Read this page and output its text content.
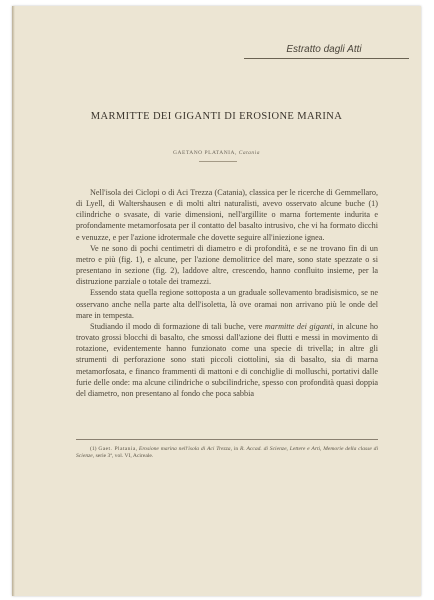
Estratto dagli Atti
MARMITTE DEI GIGANTI DI EROSIONE MARINA
GAETANO PLATANIA, Catania

Nell'isola dei Ciclopi o di Aci Trezza (Catania), classica per le ricerche di Gemmellaro, di Lyell, di Waltershausen e di molti altri naturalisti, avevo osservato alcune buche (1) cilindriche o svasate, di varie dimensioni, nell'argillite o marna fortemente indurita e profondamente metamorfosata per il contatto del basalto intrusivo, che vi ha formato dicchi e venuzze, e per l'azione idrotermale che dovette seguire all'iniezione ignea.

Ve ne sono di pochi centimetri di diametro e di profondità, e se ne trovano fin di un metro e più (fig. 1), e alcune, per l'azione demolitrice del mare, sono state spezzate o si presentano in sezione (fig. 2), laddove altre, crescendo, hanno confluito insieme, per la distruzione parziale o totale dei tramezzi.

Essendo stata quella regione sottoposta a un graduale sollevamento bradisismico, se ne osservano anche nella parte alta dell'isoletta, là ove oramai non arrivano più le onde del mare in tempesta.

Studiando il modo di formazione di tali buche, vere marmitte dei giganti, in alcune ho trovato grossi blocchi di basalto, che smossi dall'azione dei flutti e messi in movimento di rotazione, evidentemente hanno funzionato come una specie di trivella; in altre gli strumenti di perforazione sono stati piccoli ciottolini, sia di basalto, sia di marna metamorfosata, e financo frammenti di mattoni e di conchiglie di molluschi, portativi dalle furie delle onde: ma alcune cilindriche o subcilindriche, spesso con profondità quasi doppia del diametro, non presentano al fondo che poca sabbia

(1) Gaet. Platania, Erosione marina nell'isola di Aci Trezza, in R. Accad. di Scienze, Lettere e Arti, Memorie della classe di Scienze, serie 3ª, vol. VI, Acireale.
